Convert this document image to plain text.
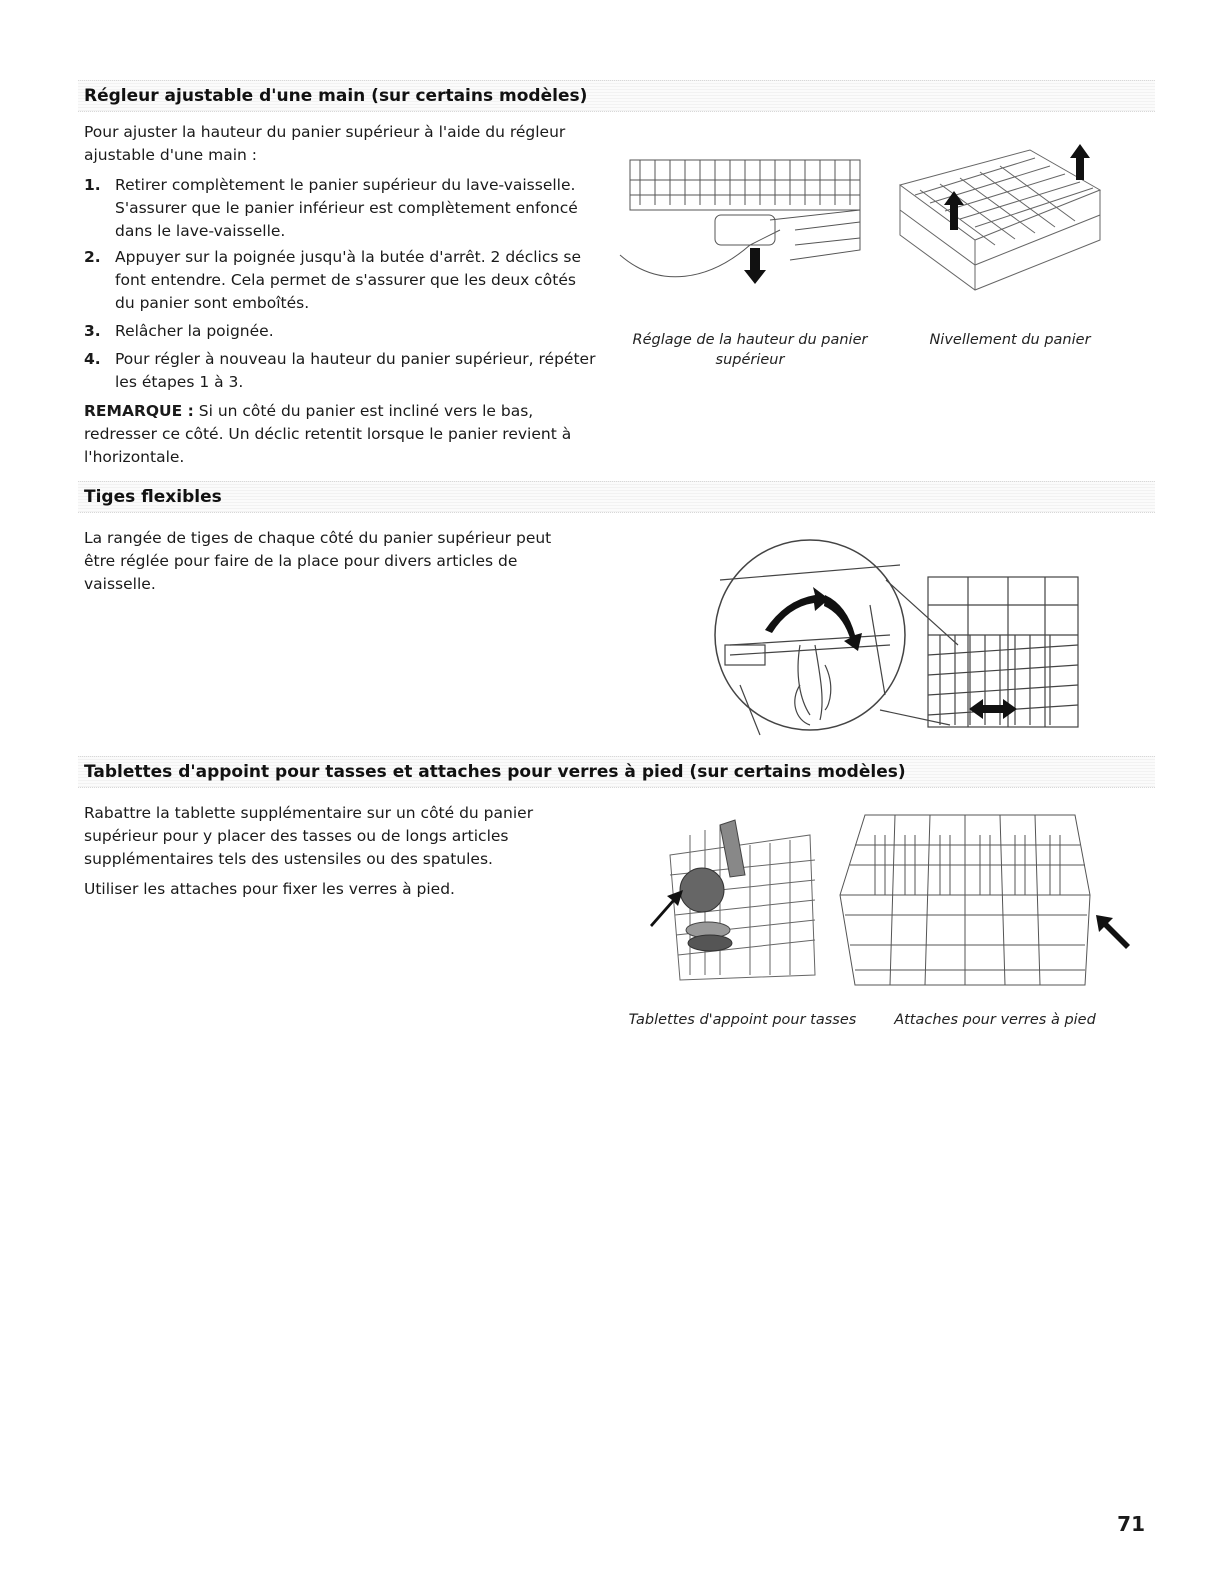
Régleur ajustable d'une main (sur certains modèles)

Pour ajuster la hauteur du panier supérieur à l'aide du régleur ajustable d'une main :

1. Retirer complètement le panier supérieur du lave-vaisselle. S'assurer que le panier inférieur est complètement enfoncé dans le lave-vaisselle.
2. Appuyer sur la poignée jusqu'à la butée d'arrêt. 2 déclics se font entendre. Cela permet de s'assurer que les deux côtés du panier sont emboîtés.
3. Relâcher la poignée.
4. Pour régler à nouveau la hauteur du panier supérieur, répéter les étapes 1 à 3.

REMARQUE : Si un côté du panier est incliné vers le bas, redresser ce côté. Un déclic retentit lorsque le panier revient à l'horizontale.

Réglage de la hauteur du panier supérieur
Nivellement du panier
Tiges flexibles

La rangée de tiges de chaque côté du panier supérieur peut être réglée pour faire de la place pour divers articles de vaisselle.

Tablettes d'appoint pour tasses et attaches pour verres à pied (sur certains modèles)

Rabattre la tablette supplémentaire sur un côté du panier supérieur pour y placer des tasses ou de longs articles supplémentaires tels des ustensiles ou des spatules.

Utiliser les attaches pour fixer les verres à pied.

Tablettes d'appoint pour tasses	Attaches pour verres à pied
71
